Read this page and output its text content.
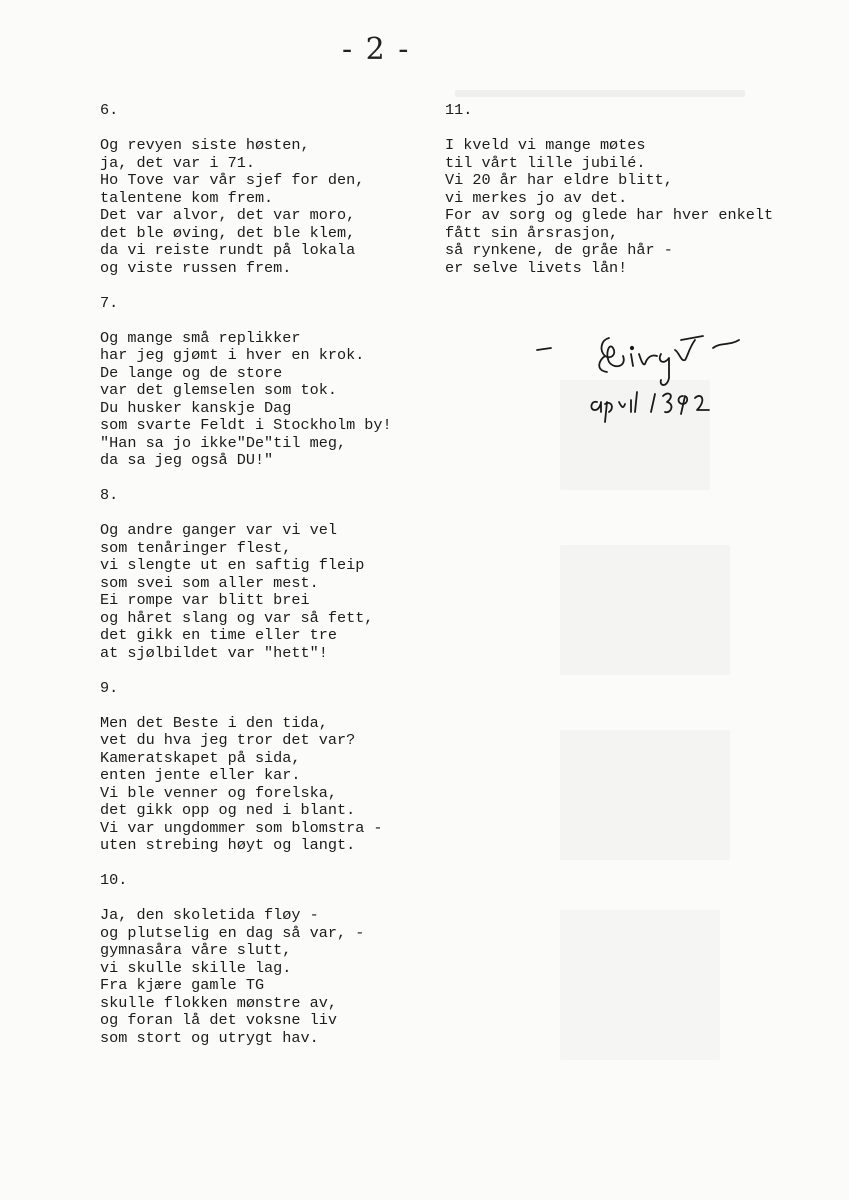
- 2 -
6.
Og revyen siste høsten,
ja, det var i 71.
Ho Tove var vår sjef for den,
talentene kom frem.
Det var alvor, det var moro,
det ble øving, det ble klem,
da vi reiste rundt på lokala
og viste russen frem.
7.
Og mange små replikker
har jeg gjømt i hver en krok.
De lange og de store
var det glemselen som tok.
Du husker kanskje Dag
som svarte Feldt i Stockholm by!
"Han sa jo ikke"De"til meg,
da sa jeg også DU!"
8.
Og andre ganger var vi vel
som tenåringer flest,
vi slengte ut en saftig fleip
som svei som aller mest.
Ei rompe var blitt brei
og håret slang og var så fett,
det gikk en time eller tre
at sjølbildet var "hett"!
9.
Men det Beste i den tida,
vet du hva jeg tror det var?
Kameratskapet på sida,
enten jente eller kar.
Vi ble venner og forelska,
det gikk opp og ned i blant.
Vi var ungdommer som blomstra -
uten strebing høyt og langt.
10.
Ja, den skoletida fløy -
og plutselig en dag så var, -
gymnasåra våre slutt,
vi skulle skille lag.
Fra kjære gamle TG
skulle flokken mønstre av,
og foran lå det voksne liv
som stort og utrygt hav.
11.
I kveld vi mange møtes
til vårt lille jubilé.
Vi 20 år har eldre blitt,
vi merkes jo av det.
For av sorg og glede har hver enkelt
fått sin årsrasjon,
så rynkene, de gråe hår -
er selve livets lån!
